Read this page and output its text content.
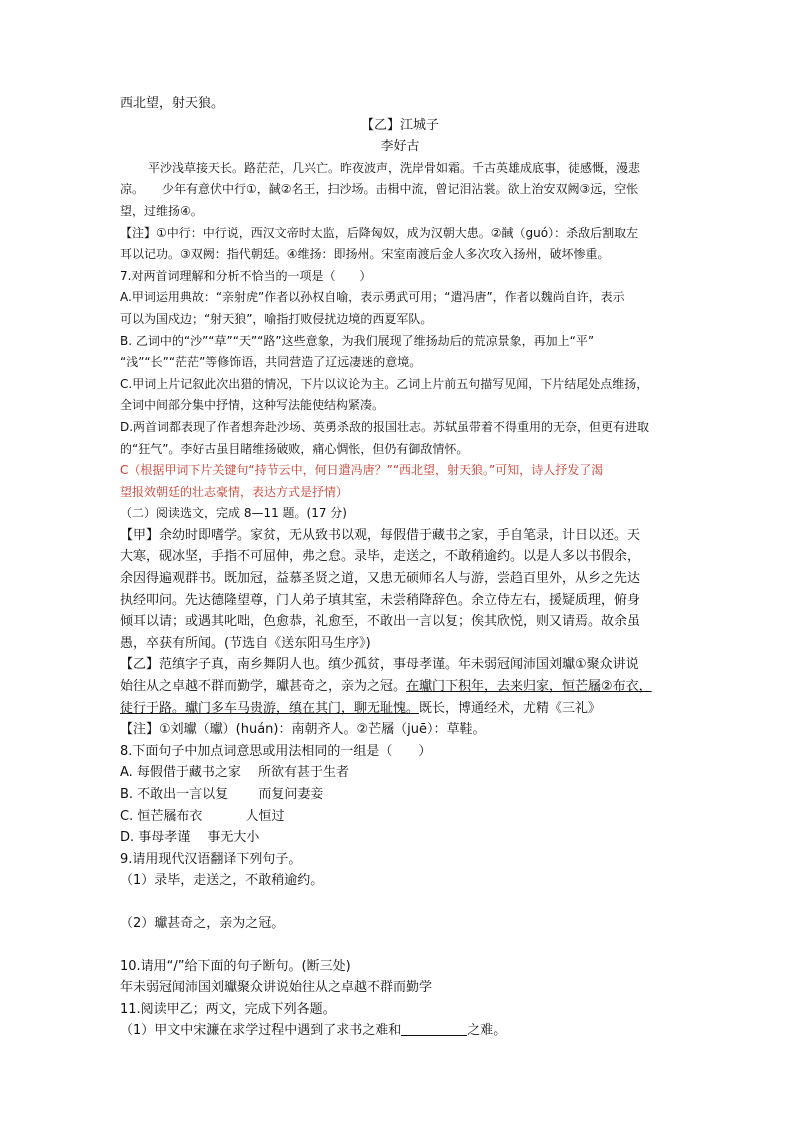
西北望，射天狼。
【乙】江城子
李好古
平沙浅草接天长。路茫茫，几兴亡。昨夜波声，洗岸骨如霜。千古英雄成底事，徒感慨，漫悲
凉。　　少年有意伏中行①，馘②名王，扫沙场。击楫中流，曾记泪沾裳。欲上治安双阙③远，空怅
望，过维扬④。
【注】①中行：中行说，西汉文帝时太监，后降匈奴，成为汉朝大患。②馘（guó）：杀敌后割取左
耳以记功。③双阙：指代朝廷。④维扬：即扬州。宋室南渡后金人多次攻入扬州，破坏惨重。
7.对两首词理解和分析不恰当的一项是（　　）
A.甲词运用典故：“亲射虎”作者以孙权自喻，表示勇武可用；“遣冯唐”，作者以魏尚自许，表示
可以为国戍边；“射天狼”，喻指打败侵扰边境的西夏军队。
B. 乙词中的“沙”“草”“天”“路”这些意象，为我们展现了维扬劫后的荒凉景象，再加上“平”
“浅”“长”“茫茫”等修饰语，共同营造了辽远凄迷的意境。
C.甲词上片记叙此次出猎的情况，下片以议论为主。乙词上片前五句描写见闻，下片结尾处点维扬，
全词中间部分集中抒情，这种写法能使结构紧凑。
D.两首词都表现了作者想奔赴沙场、英勇杀敌的报国壮志。苏轼虽带着不得重用的无奈，但更有进取
的“狂气”。李好古虽目睹维扬破败，痛心惆怅，但仍有御敌情怀。
C（根据甲词下片关键句“持节云中，何日遣冯唐？”“西北望，射天狼。”可知，诗人抒发了渴
望报效朝廷的壮志豪情，表达方式是抒情）
（二）阅读选文，完成 8—11 题。(17 分)
【甲】余幼时即嗜学。家贫，无从致书以观，每假借于藏书之家，手自笔录，计日以还。天
大寒，砚冰坚，手指不可屈伸，弗之怠。录毕，走送之，不敢稍逾约。以是人多以书假余，
余因得遍观群书。既加冠，益慕圣贤之道，又患无硕师名人与游，尝趋百里外，从乡之先达
执经叩问。先达德隆望尊，门人弟子填其室，未尝稍降辞色。余立侍左右，援疑质理，俯身
倾耳以请；或遇其叱咄，色愈恭，礼愈至，不敢出一言以复；俟其欣悦，则又请焉。故余虽
愚，卒获有所闻。(节选自《送东阳马生序》)
【乙】范缜字子真，南乡舞阴人也。缜少孤贫，事母孝谨。年未弱冠闻沛国刘瓛①聚众讲说
始往从之卓越不群而勤学，瓛甚奇之，亲为之冠。在瓛门下积年，去来归家，恒芒屩②布衣，
徒行于路。瓛门多车马贵游，缜在其门，聊无耻愧。既长，博通经术，尤精《三礼》
【注】①刘瓛（瓛）(huán)：南朝齐人。②芒屩（juē）：草鞋。
8.下面句子中加点词意思或用法相同的一组是（　　）
A. 每假借于藏书之家　 所欲有甚于生者
B. 不敢出一言以复　　 而复问妻妾
C. 恒芒屩布衣　　　 人恒过
D. 事母孝谨　 事无大小
9.请用现代汉语翻译下列句子。
（1）录毕，走送之，不敢稍逾约。
（2）瓛甚奇之，亲为之冠。
10.请用“/”给下面的句子断句。(断三处)
年未弱冠闻沛国刘瓛聚众讲说始往从之卓越不群而勤学
11.阅读甲乙；两文，完成下列各题。
（1）甲文中宋濂在求学过程中遇到了求书之难和	之难。
